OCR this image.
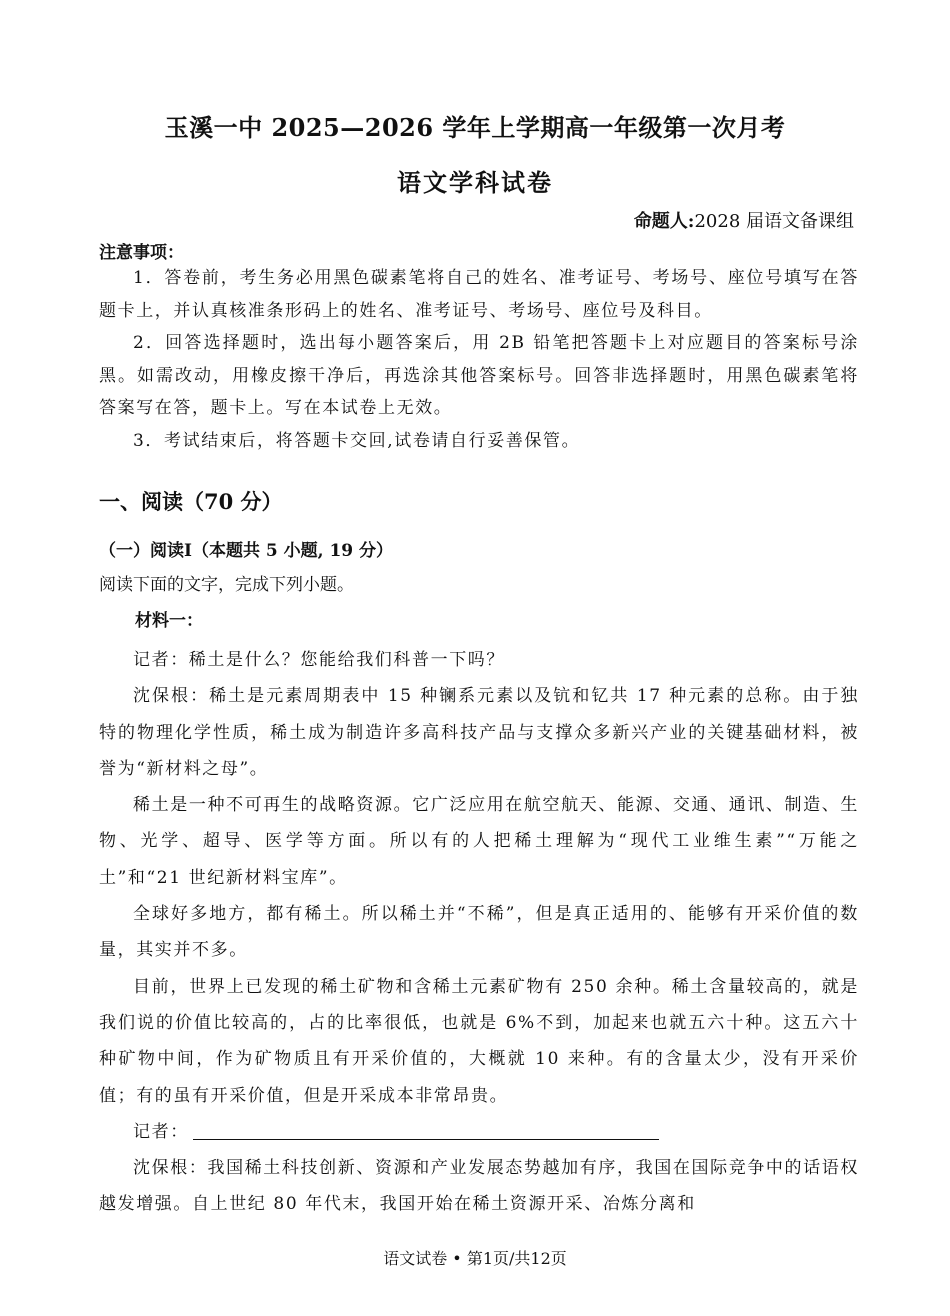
玉溪一中 2025—2026 学年上学期高一年级第一次月考
语文学科试卷
命题人:2028 届语文备课组
注意事项：
1．答卷前，考生务必用黑色碳素笔将自己的姓名、准考证号、考场号、座位号填写在答题卡上，并认真核准条形码上的姓名、准考证号、考场号、座位号及科目。
2．回答选择题时，选出每小题答案后，用 2B 铅笔把答题卡上对应题目的答案标号涂黑。如需改动，用橡皮擦干净后，再选涂其他答案标号。回答非选择题时，用黑色碳素笔将答案写在答，题卡上。写在本试卷上无效。
3．考试结束后，将答题卡交回,试卷请自行妥善保管。
一、阅读（70 分）
（一）阅读Ⅰ（本题共 5 小题, 19 分）
阅读下面的文字，完成下列小题。
材料一：

记者：稀土是什么？您能给我们科普一下吗？

沈保根：稀土是元素周期表中 15 种镧系元素以及钪和钇共 17 种元素的总称。由于独特的物理化学性质，稀土成为制造许多高科技产品与支撑众多新兴产业的关键基础材料，被誉为“新材料之母”。

稀土是一种不可再生的战略资源。它广泛应用在航空航天、能源、交通、通讯、制造、生物、光学、超导、医学等方面。所以有的人把稀土理解为“现代工业维生素”“万能之土”和“21 世纪新材料宝库”。

全球好多地方，都有稀土。所以稀土并“不稀”，但是真正适用的、能够有开采价值的数量，其实并不多。

目前，世界上已发现的稀土矿物和含稀土元素矿物有 250 余种。稀土含量较高的，就是我们说的价值比较高的，占的比率很低，也就是 6%不到，加起来也就五六十种。这五六十种矿物中间，作为矿物质且有开采价值的，大概就 10 来种。有的含量太少，没有开采价值；有的虽有开采价值，但是开采成本非常昂贵。

记者：

沈保根：我国稀土科技创新、资源和产业发展态势越加有序，我国在国际竞争中的话语权越发增强。自上世纪 80 年代末，我国开始在稀土资源开采、冶炼分离和

语文试卷 • 第1页/共12页
